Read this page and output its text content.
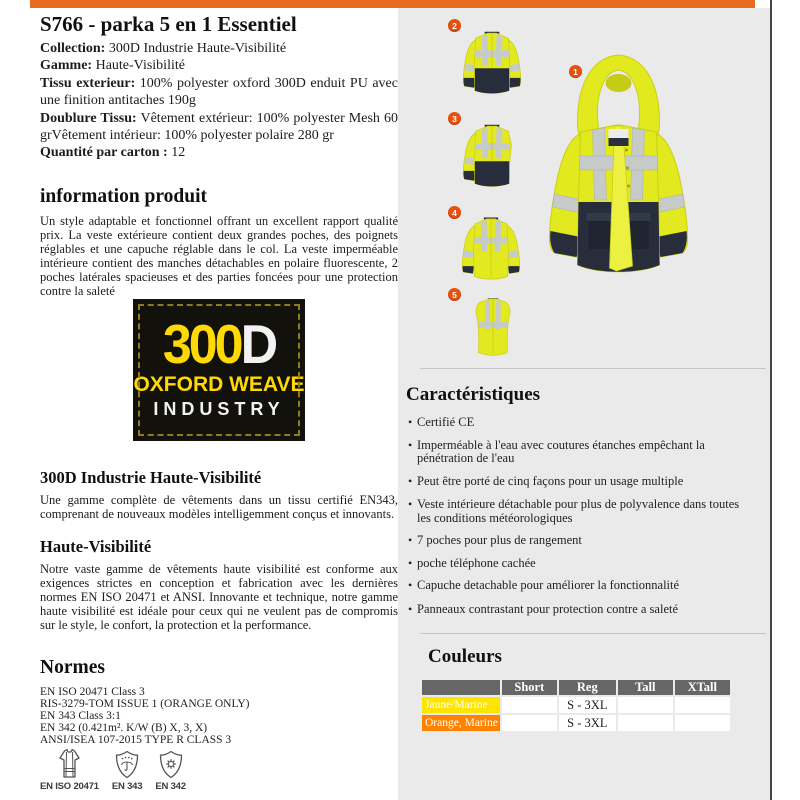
S766 - parka 5 en 1 Essentiel

Collection: 300D Industrie Haute-Visibilité

Gamme: Haute-Visibilité

Tissu exterieur: 100% polyester oxford 300D enduit PU avec une finition antitaches 190g

Doublure Tissu: Vêtement extérieur: 100% polyester Mesh 60 grVêtement intérieur: 100% polyester polaire 280 gr

Quantité par carton : 12

information produit

Un style adaptable et fonctionnel offrant un excellent rapport qualité prix. La veste extérieure contient deux grandes poches, des poignets réglables et une capuche réglable dans le col. La veste imperméable intérieure contient des manches détachables en polaire fluorescente, 2 poches latérales spacieuses et des parties foncées pour une protection contre la saleté

300D
OXFORD WEAVE
INDUSTRY
300D Industrie Haute-Visibilité

Une gamme complète de vêtements dans un tissu certifié EN343, comprenant de nouveaux modèles intelligemment conçus et innovants.

Haute-Visibilité

Notre vaste gamme de vêtements haute visibilité est conforme aux exigences strictes en conception et fabrication avec les dernières normes EN ISO 20471 et ANSI. Innovante et technique, notre gamme haute visibilité est idéale pour ceux qui ne veulent pas de compromis sur le style, le confort, la protection et la performance.

Normes
EN ISO 20471 Class 3
RIS-3279-TOM ISSUE 1 (ORANGE ONLY)
EN 343 Class 3:1
EN 342 (0.421m². K/W (B) X, 3, X)
ANSI/ISEA 107-2015 TYPE R CLASS 3
EN ISO 20471 EN 343 EN 342
1
2
3
4
5
Caractéristiques
• Certifié CE
• Imperméable à l'eau avec coutures étanches empêchant la pénétration de l'eau
• Peut être porté de cinq façons pour un usage multiple
• Veste intérieure détachable pour plus de polyvalence dans toutes les conditions météorologiques
• 7 poches pour plus de rangement
• poche téléphone cachée
• Capuche detachable pour améliorer la fonctionnalité
• Panneaux contrastant pour protection contre a saleté
Couleurs
	Short	Reg	Tall	XTall
Jaune/Marine		S - 3XL		
Orange, Marine		S - 3XL		
